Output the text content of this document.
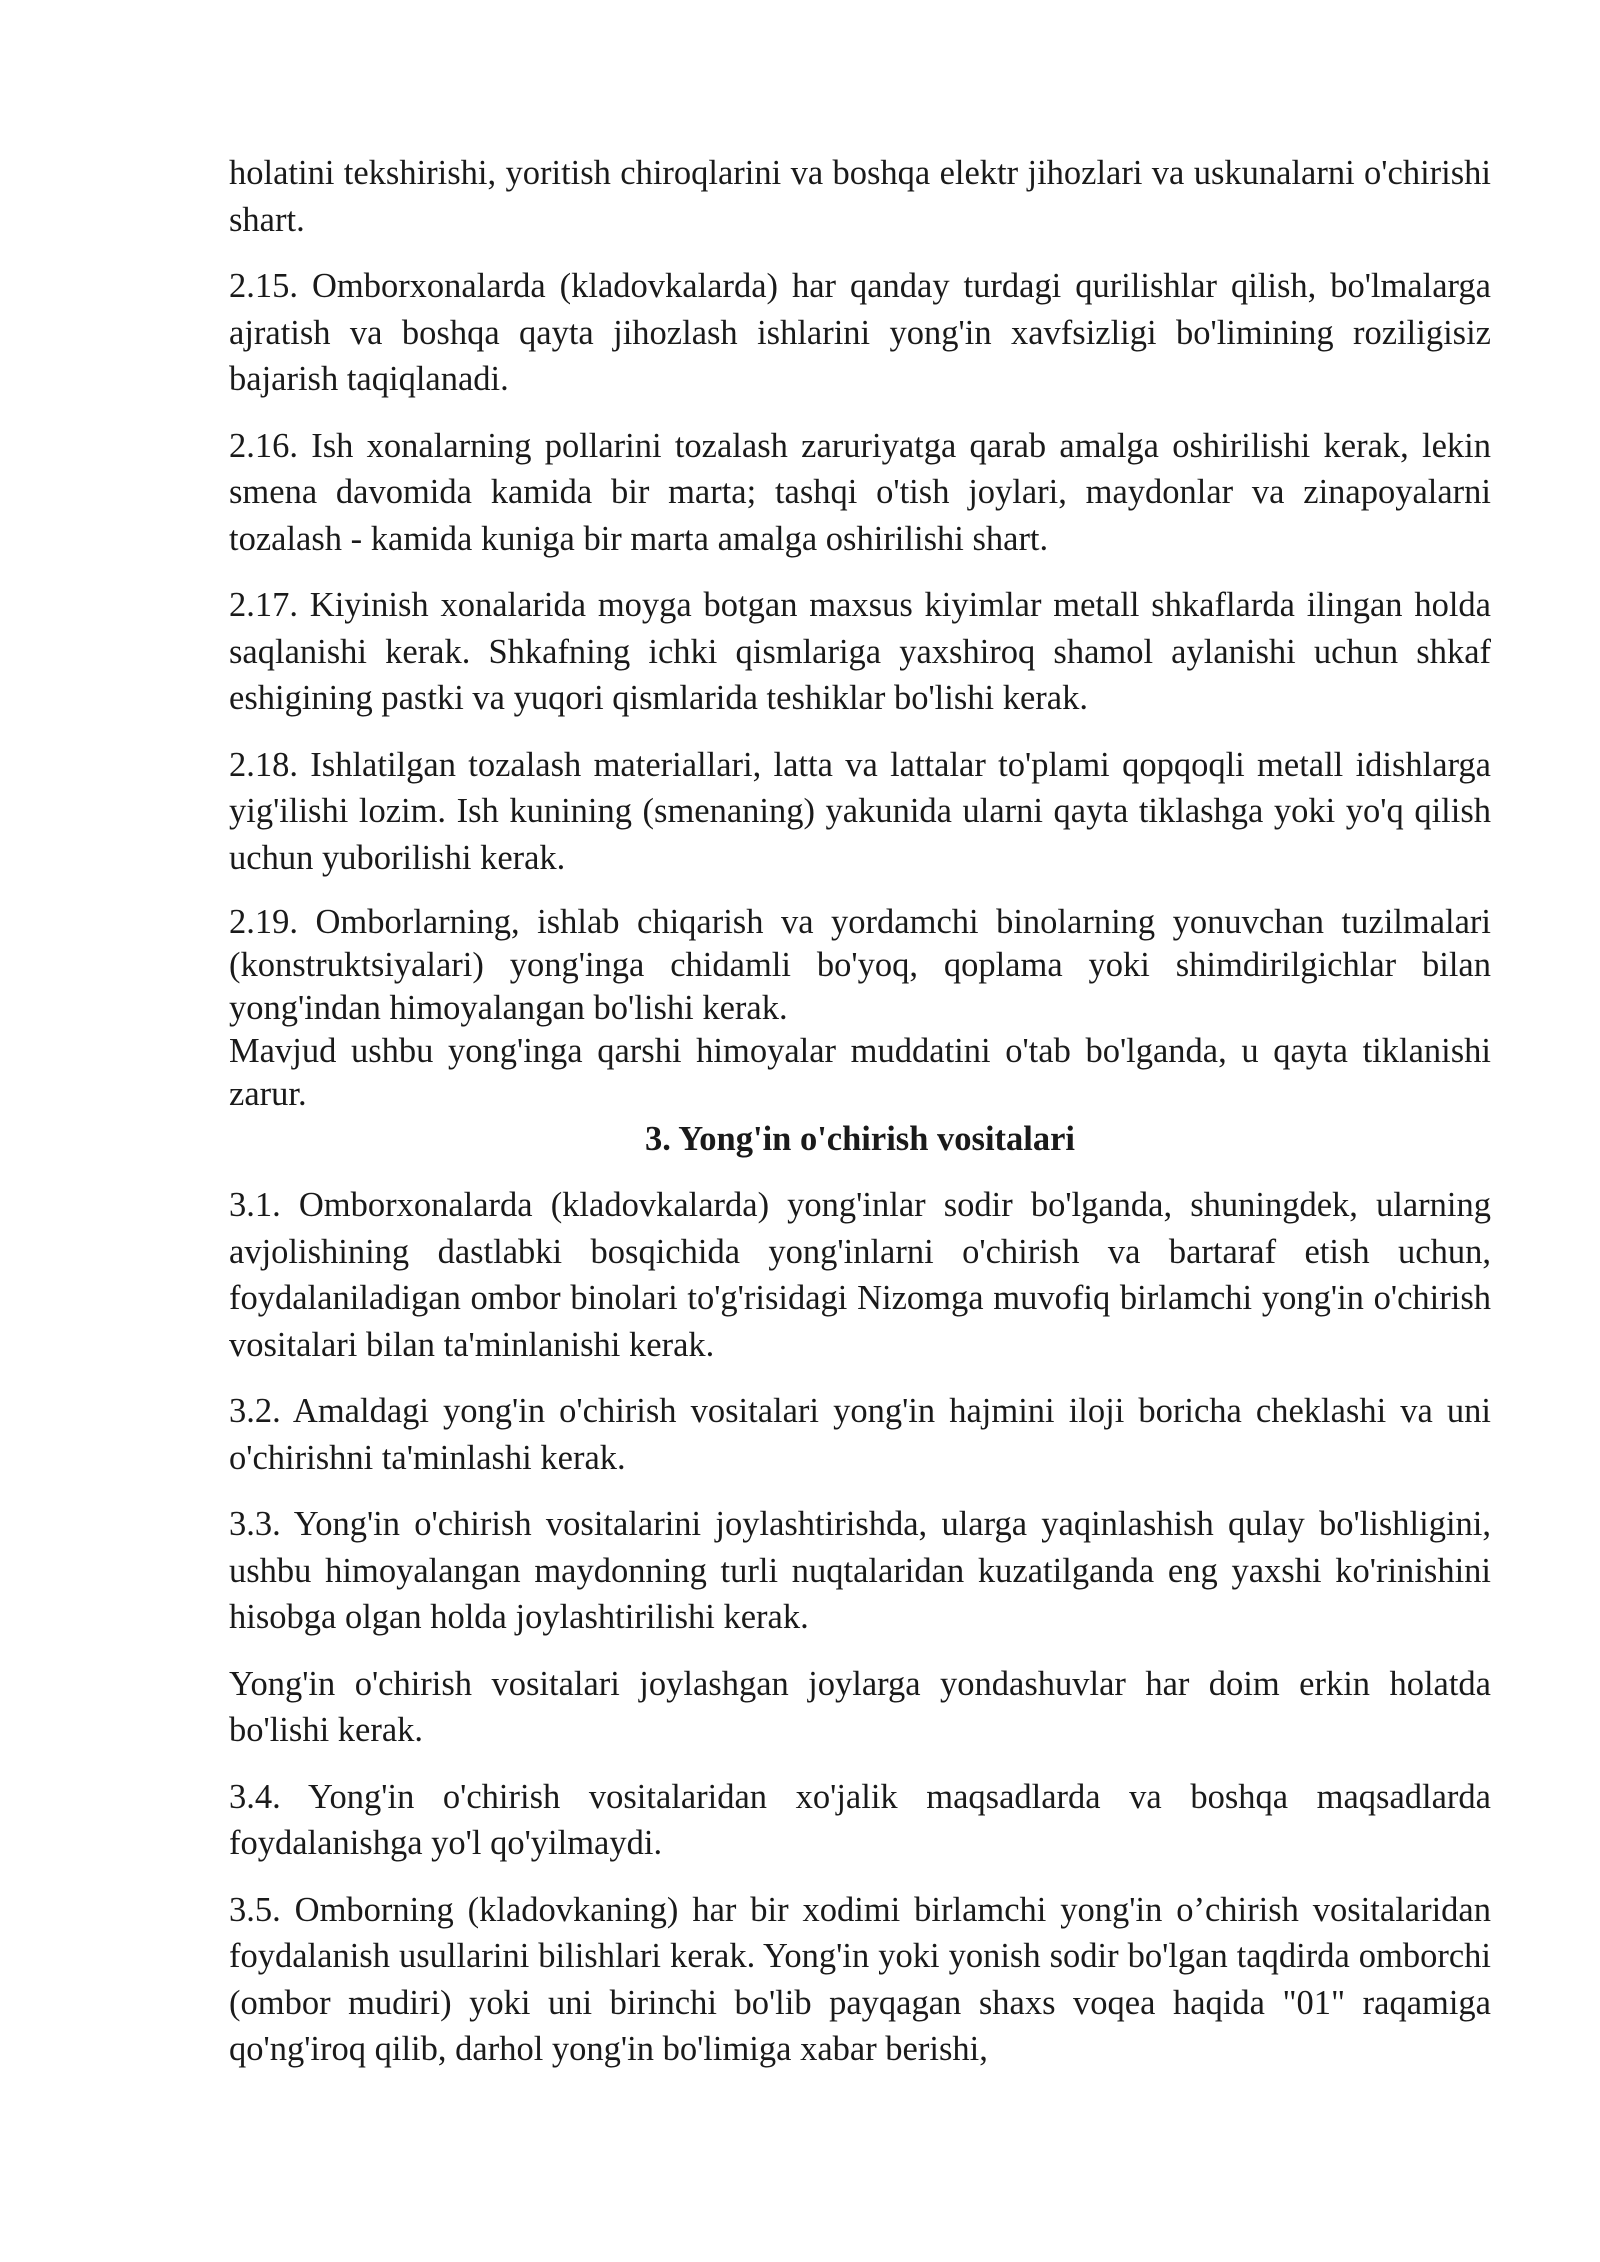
holatini tekshirishi, yoritish chiroqlarini va boshqa elektr jihozlari va uskunalarni o'chirishi shart.

2.15. Omborxonalarda (kladovkalarda) har qanday turdagi qurilishlar qilish, bo'lmalarga ajratish va boshqa qayta jihozlash ishlarini yong'in xavfsizligi bo'limining roziligisiz bajarish taqiqlanadi.

2.16. Ish xonalarning pollarini tozalash zaruriyatga qarab amalga oshirilishi kerak, lekin smena davomida kamida bir marta; tashqi o'tish joylari, maydonlar va zinapoyalarni tozalash - kamida kuniga bir marta amalga oshirilishi shart.

2.17. Kiyinish xonalarida moyga botgan maxsus kiyimlar metall shkaflarda ilingan holda saqlanishi kerak. Shkafning ichki qismlariga yaxshiroq shamol aylanishi uchun shkaf eshigining pastki va yuqori qismlarida teshiklar bo'lishi kerak.

2.18. Ishlatilgan tozalash materiallari, latta va lattalar to'plami qopqoqli metall idishlarga yig'ilishi lozim. Ish kunining (smenaning) yakunida ularni qayta tiklashga yoki yo'q qilish uchun yuborilishi kerak.

2.19. Omborlarning, ishlab chiqarish va yordamchi binolarning yonuvchan tuzilmalari (konstruktsiyalari) yong'inga chidamli bo'yoq, qoplama yoki shimdirilgichlar bilan yong'indan himoyalangan bo'lishi kerak.

Mavjud ushbu yong'inga qarshi himoyalar muddatini o'tab bo'lganda, u qayta tiklanishi zarur.

3. Yong'in o'chirish vositalari

3.1. Omborxonalarda (kladovkalarda) yong'inlar sodir bo'lganda, shuningdek, ularning avjolishining dastlabki bosqichida yong'inlarni o'chirish va bartaraf etish uchun, foydalaniladigan ombor binolari to'g'risidagi Nizomga muvofiq birlamchi yong'in o'chirish vositalari bilan ta'minlanishi kerak.

3.2. Amaldagi yong'in o'chirish vositalari yong'in hajmini iloji boricha cheklashi va uni o'chirishni ta'minlashi kerak.

3.3. Yong'in o'chirish vositalarini joylashtirishda, ularga yaqinlashish qulay bo'lishligini, ushbu himoyalangan maydonning turli nuqtalaridan kuzatilganda eng yaxshi ko'rinishini hisobga olgan holda joylashtirilishi kerak.

Yong'in o'chirish vositalari joylashgan joylarga yondashuvlar har doim erkin holatda bo'lishi kerak.

3.4. Yong'in o'chirish vositalaridan xo'jalik maqsadlarda va boshqa maqsadlarda foydalanishga yo'l qo'yilmaydi.

3.5. Omborning (kladovkaning) har bir xodimi birlamchi yong'in o’chirish vositalaridan foydalanish usullarini bilishlari kerak. Yong'in yoki yonish sodir bo'lgan taqdirda omborchi (ombor mudiri) yoki uni birinchi bo'lib payqagan shaxs voqea haqida "01" raqamiga qo'ng'iroq qilib, darhol yong'in bo'limiga xabar berishi,
